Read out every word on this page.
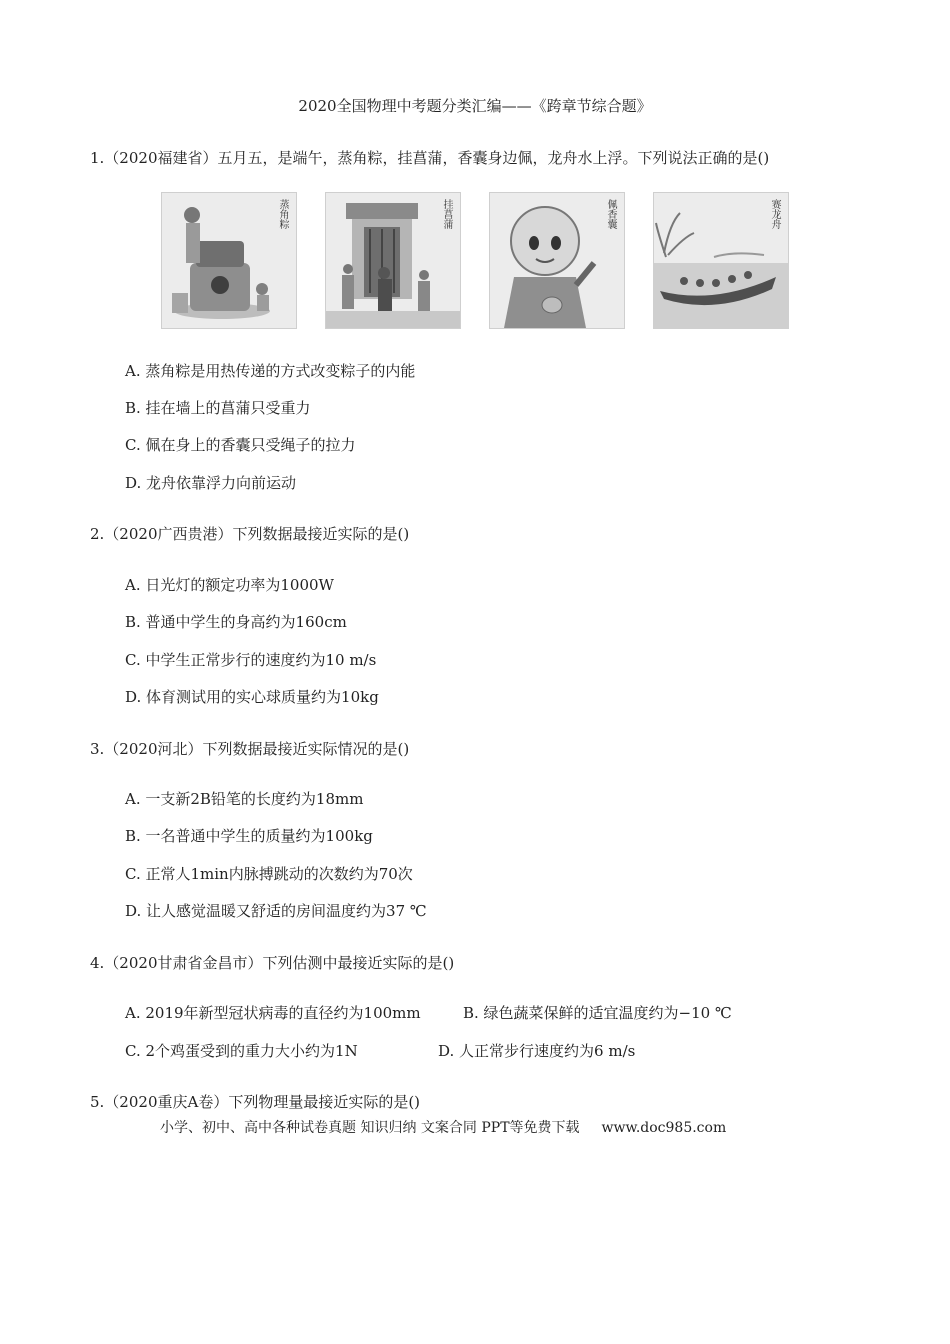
2020全国物理中考题分类汇编——《跨章节综合题》
1.（2020福建省）五月五，是端午，蒸角粽，挂菖蒲，香囊身边佩，龙舟水上浮。下列说法正确的是()
蒸角粽	挂菖蒲	佩香囊	赛龙舟
A. 蒸角粽是用热传递的方式改变粽子的内能
B. 挂在墙上的菖蒲只受重力
C. 佩在身上的香囊只受绳子的拉力
D. 龙舟依靠浮力向前运动
2.（2020广西贵港）下列数据最接近实际的是()
A. 日光灯的额定功率为1000W
B. 普通中学生的身高约为160cm
C. 中学生正常步行的速度约为10 m/s
D. 体育测试用的实心球质量约为10kg
3.（2020河北）下列数据最接近实际情况的是()
A. 一支新2B铅笔的长度约为18mm
B. 一名普通中学生的质量约为100kg
C. 正常人1min内脉搏跳动的次数约为70次
D. 让人感觉温暖又舒适的房间温度约为37 ℃
4.（2020甘肃省金昌市）下列估测中最接近实际的是()
A. 2019年新型冠状病毒的直径约为100mm	B. 绿色蔬菜保鲜的适宜温度约为−10 ℃
C. 2个鸡蛋受到的重力大小约为1N	D. 人正常步行速度约为6 m/s
5.（2020重庆A卷）下列物理量最接近实际的是()
小学、初中、高中各种试卷真题 知识归纳 文案合同 PPT等免费下载 www.doc985.com
